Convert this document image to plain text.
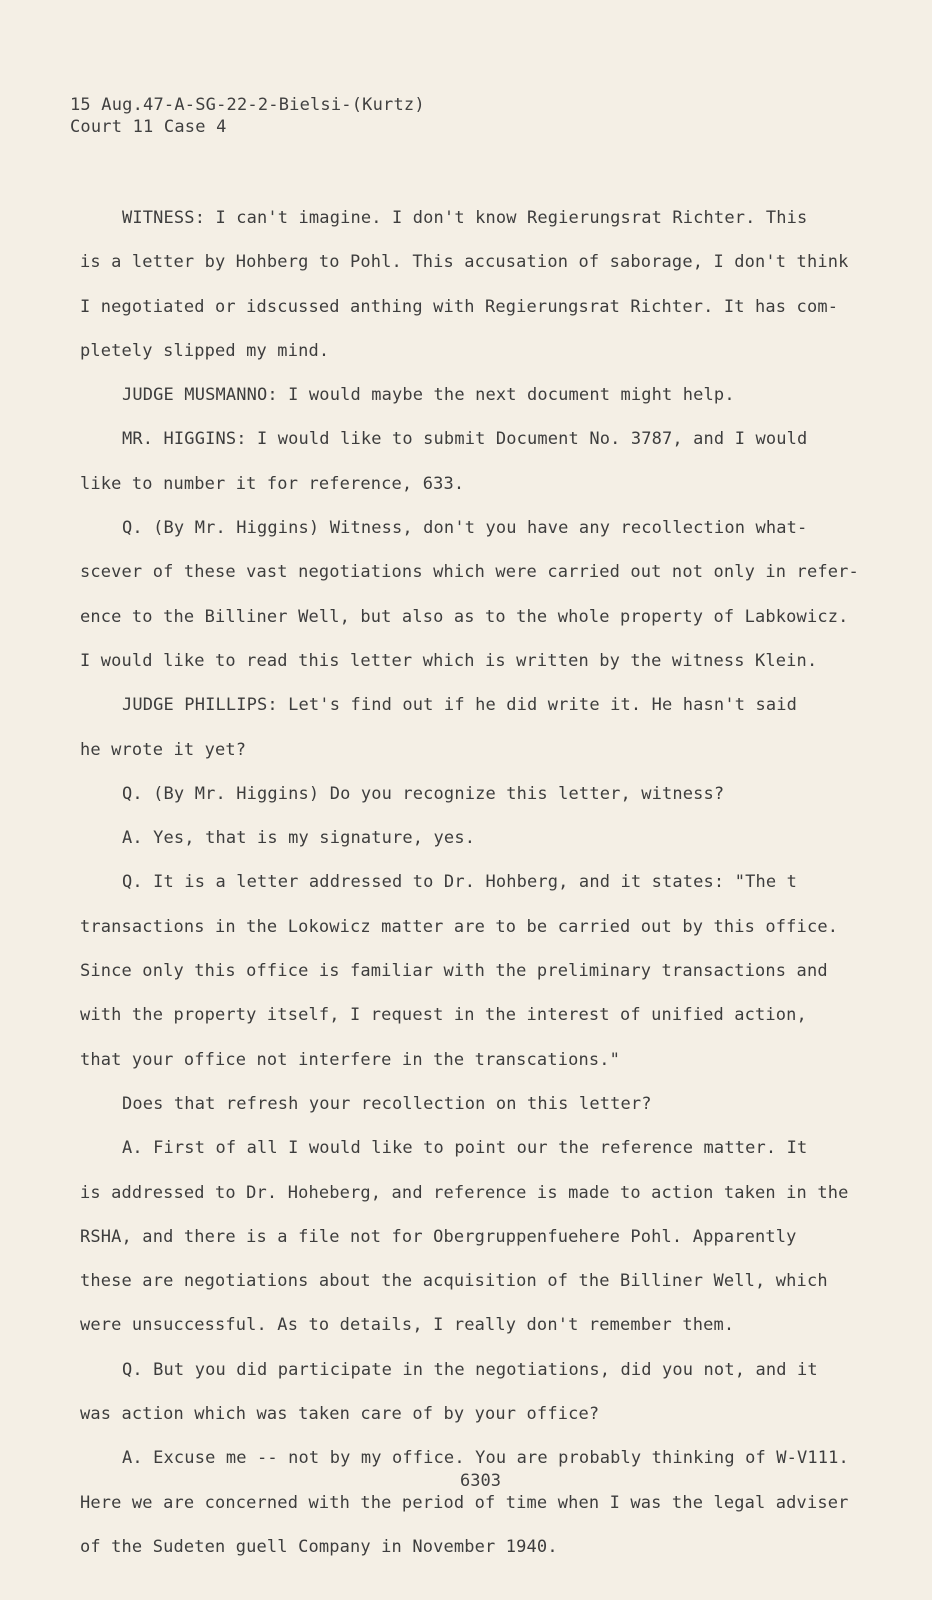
15 Aug.47-A-SG-22-2-Bielsi-(Kurtz)
Court 11 Case 4
WITNESS: I can't imagine. I don't know Regierungsrat Richter. This
is a letter by Hohberg to Pohl. This accusation of saborage, I don't think
I negotiated or idscussed anthing with Regierungsrat Richter. It has com-
pletely slipped my mind.
JUDGE MUSMANNO: I would maybe the next document might help.
MR. HIGGINS: I would like to submit Document No. 3787, and I would
like to number it for reference, 633.
Q. (By Mr. Higgins) Witness, don't you have any recollection what-
scever of these vast negotiations which were carried out not only in refer-
ence to the Billiner Well, but also as to the whole property of Labkowicz.
I would like to read this letter which is written by the witness Klein.
JUDGE PHILLIPS: Let's find out if he did write it. He hasn't said
he wrote it yet?
Q. (By Mr. Higgins) Do you recognize this letter, witness?
A. Yes, that is my signature, yes.
Q. It is a letter addressed to Dr. Hohberg, and it states: "The t
transactions in the Lokowicz matter are to be carried out by this office.
Since only this office is familiar with the preliminary transactions and
with the property itself, I request in the interest of unified action,
that your office not interfere in the transcations."
Does that refresh your recollection on this letter?
A. First of all I would like to point our the reference matter. It
is addressed to Dr. Hoheberg, and reference is made to action taken in the
RSHA, and there is a file not for Obergruppenfuehere Pohl. Apparently
these are negotiations about the acquisition of the Billiner Well, which
were unsuccessful. As to details, I really don't remember them.
Q. But you did participate in the negotiations, did you not, and it
was action which was taken care of by your office?
A. Excuse me -- not by my office. You are probably thinking of W-V111.
Here we are concerned with the period of time when I was the legal adviser
of the Sudeten guell Company in November 1940.
6303
